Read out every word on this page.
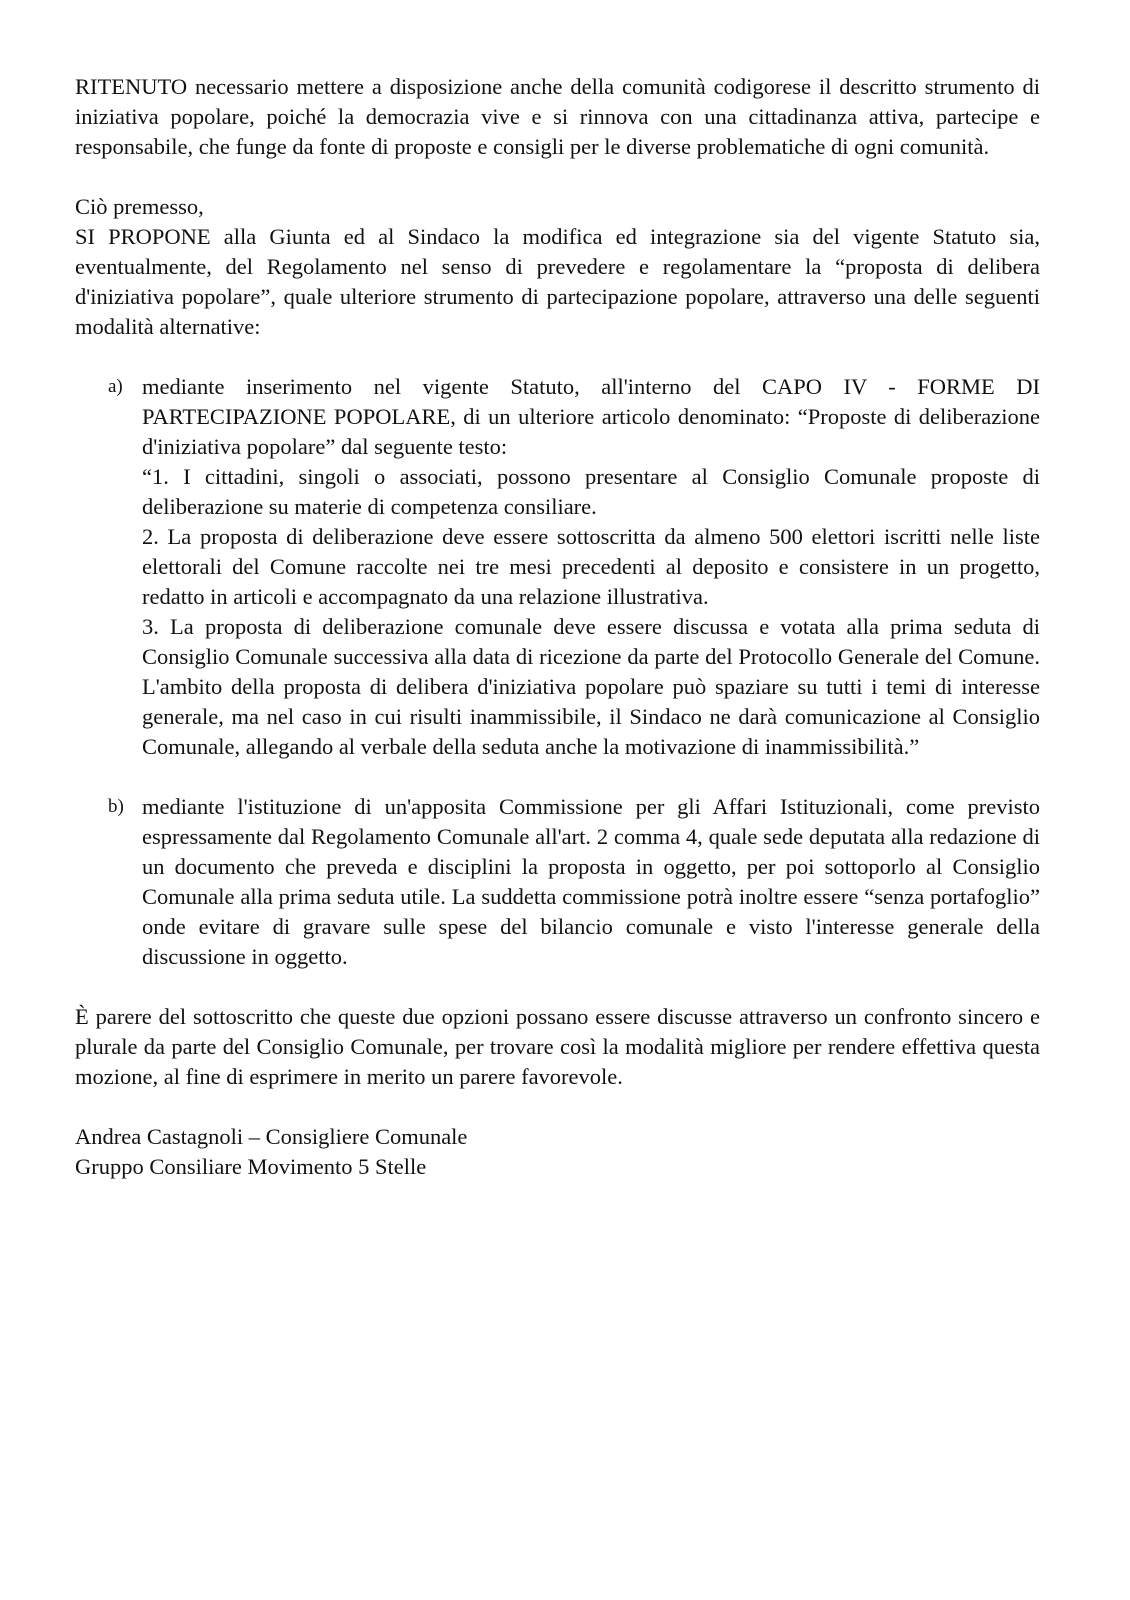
RITENUTO necessario mettere a disposizione anche della comunità codigorese il descritto strumento di iniziativa popolare, poiché la democrazia vive e si rinnova con una cittadinanza attiva, partecipe e responsabile, che funge da fonte di proposte e consigli per le diverse problematiche di ogni comunità.

Ciò premesso,

SI PROPONE alla Giunta ed al Sindaco la modifica ed integrazione sia del vigente Statuto sia, eventualmente, del Regolamento nel senso di prevedere e regolamentare la “proposta di delibera d'iniziativa popolare”, quale ulteriore strumento di partecipazione popolare, attraverso una delle seguenti modalità alternative:

a) mediante inserimento nel vigente Statuto, all'interno del CAPO IV - FORME DI PARTECIPAZIONE POPOLARE, di un ulteriore articolo denominato: “Proposte di deliberazione d'iniziativa popolare” dal seguente testo:

“1. I cittadini, singoli o associati, possono presentare al Consiglio Comunale proposte di deliberazione su materie di competenza consiliare.

2. La proposta di deliberazione deve essere sottoscritta da almeno 500 elettori iscritti nelle liste elettorali del Comune raccolte nei tre mesi precedenti al deposito e consistere in un progetto, redatto in articoli e accompagnato da una relazione illustrativa.

3. La proposta di deliberazione comunale deve essere discussa e votata alla prima seduta di Consiglio Comunale successiva alla data di ricezione da parte del Protocollo Generale del Comune. L'ambito della proposta di delibera d'iniziativa popolare può spaziare su tutti i temi di interesse generale, ma nel caso in cui risulti inammissibile, il Sindaco ne darà comunicazione al Consiglio Comunale, allegando al verbale della seduta anche la motivazione di inammissibilità.”

b) mediante l'istituzione di un'apposita Commissione per gli Affari Istituzionali, come previsto espressamente dal Regolamento Comunale all'art. 2 comma 4, quale sede deputata alla redazione di un documento che preveda e disciplini la proposta in oggetto, per poi sottoporlo al Consiglio Comunale alla prima seduta utile. La suddetta commissione potrà inoltre essere “senza portafoglio” onde evitare di gravare sulle spese del bilancio comunale e visto l'interesse generale della discussione in oggetto.

È parere del sottoscritto che queste due opzioni possano essere discusse attraverso un confronto sincero e plurale da parte del Consiglio Comunale, per trovare così la modalità migliore per rendere effettiva questa mozione, al fine di esprimere in merito un parere favorevole.

Andrea Castagnoli – Consigliere Comunale

Gruppo Consiliare Movimento 5 Stelle
